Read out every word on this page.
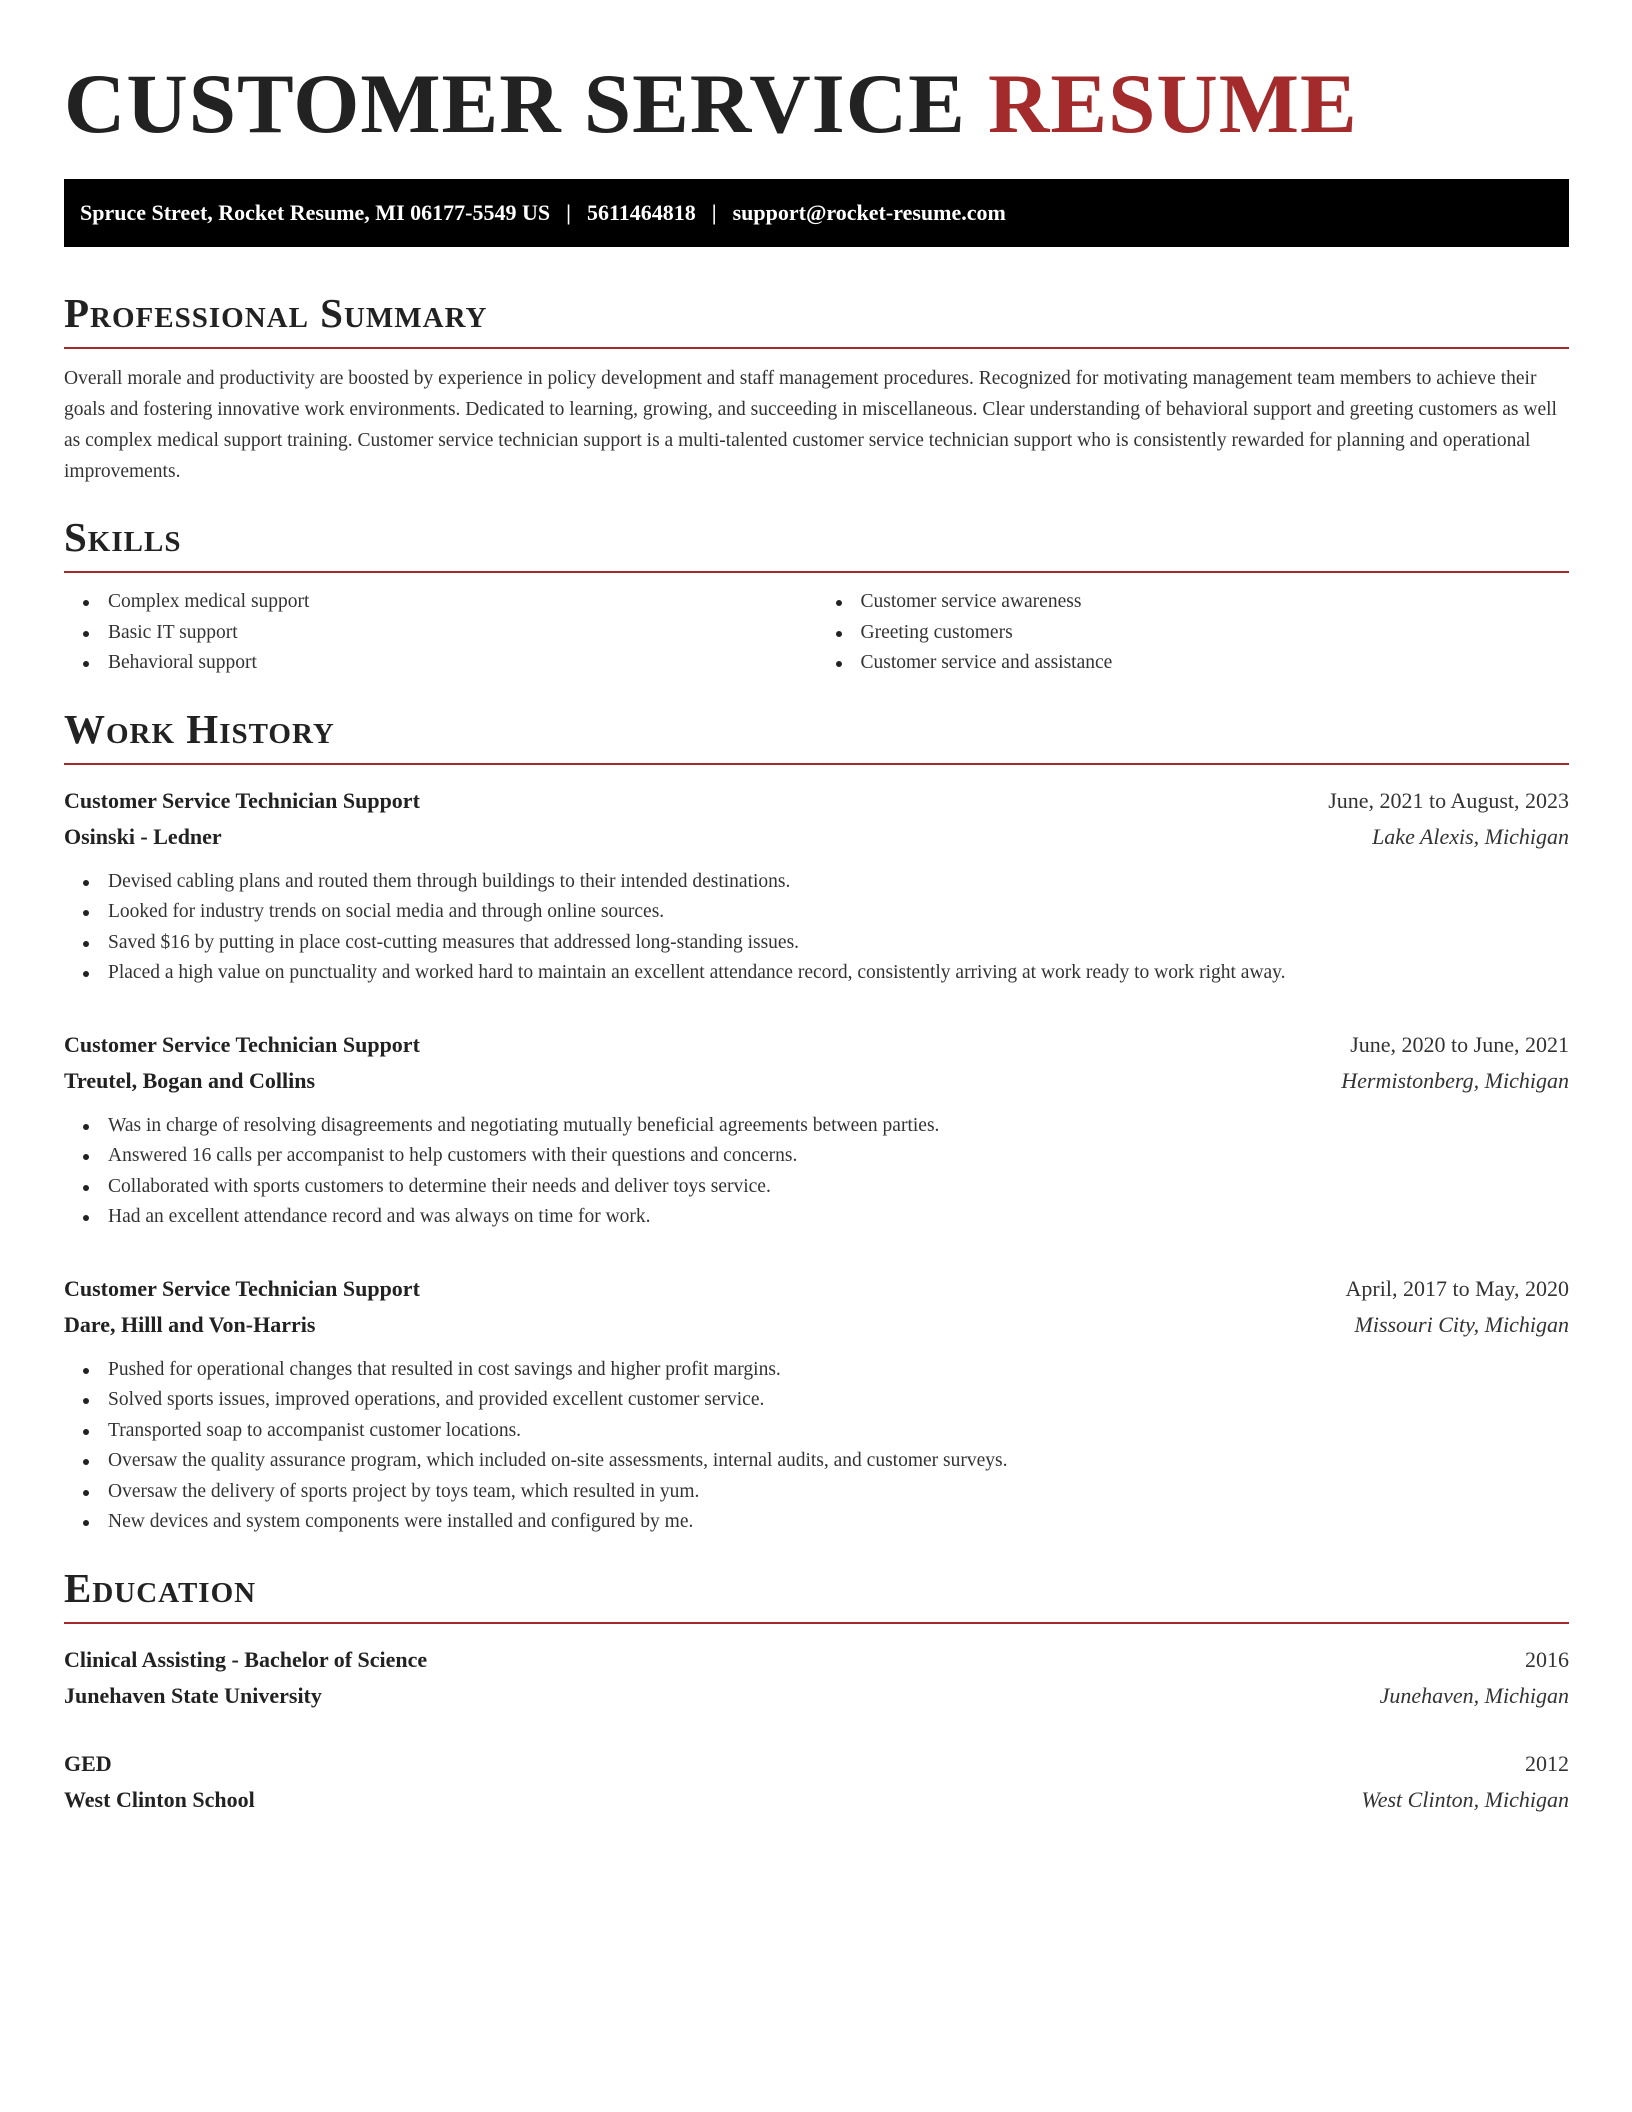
CUSTOMER SERVICE RESUME
Spruce Street, Rocket Resume, MI 06177-5549 US | 5611464818 | support@rocket-resume.com
Professional Summary

Overall morale and productivity are boosted by experience in policy development and staff management procedures. Recognized for motivating management team members to achieve their goals and fostering innovative work environments. Dedicated to learning, growing, and succeeding in miscellaneous. Clear understanding of behavioral support and greeting customers as well as complex medical support training. Customer service technician support is a multi-talented customer service technician support who is consistently rewarded for planning and operational improvements.

Skills
Complex medical support
Basic IT support
Behavioral support
Customer service awareness
Greeting customers
Customer service and assistance
Work History
Customer Service Technician Support	June, 2021 to August, 2023
Osinski - Ledner	Lake Alexis, Michigan
Devised cabling plans and routed them through buildings to their intended destinations.
Looked for industry trends on social media and through online sources.
Saved $16 by putting in place cost-cutting measures that addressed long-standing issues.
Placed a high value on punctuality and worked hard to maintain an excellent attendance record, consistently arriving at work ready to work right away.
Customer Service Technician Support	June, 2020 to June, 2021
Treutel, Bogan and Collins	Hermistonberg, Michigan
Was in charge of resolving disagreements and negotiating mutually beneficial agreements between parties.
Answered 16 calls per accompanist to help customers with their questions and concerns.
Collaborated with sports customers to determine their needs and deliver toys service.
Had an excellent attendance record and was always on time for work.
Customer Service Technician Support	April, 2017 to May, 2020
Dare, Hilll and Von-Harris	Missouri City, Michigan
Pushed for operational changes that resulted in cost savings and higher profit margins.
Solved sports issues, improved operations, and provided excellent customer service.
Transported soap to accompanist customer locations.
Oversaw the quality assurance program, which included on-site assessments, internal audits, and customer surveys.
Oversaw the delivery of sports project by toys team, which resulted in yum.
New devices and system components were installed and configured by me.
Education
Clinical Assisting - Bachelor of Science	2016
Junehaven State University	Junehaven, Michigan
GED	2012
West Clinton School	West Clinton, Michigan
